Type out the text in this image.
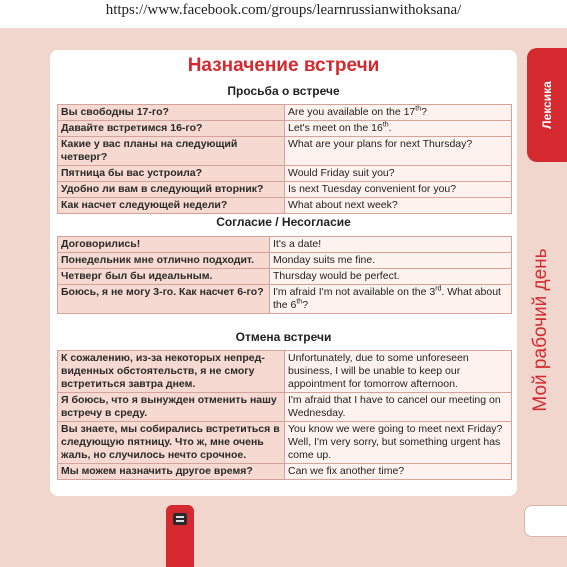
https://www.facebook.com/groups/learnrussianwithoksana/
Назначение встречи
Просьба о встрече
Вы свободны 17-го?	Are you available on the 17th?
Давайте встретимся 16-го?	Let's meet on the 16th.
Какие у вас планы на следующий четверг?	What are your plans for next Thursday?
Пятница бы вас устроила?	Would Friday suit you?
Удобно ли вам в следующий вторник?	Is next Tuesday convenient for you?
Как насчет следующей недели?	What about next week?
Согласие / Несогласие
Договорились!	It's a date!
Понедельник мне отлично подходит.	Monday suits me fine.
Четверг был бы идеальным.	Thursday would be perfect.
Боюсь, я не могу 3-го. Как насчет 6-го?	I'm afraid I'm not available on the 3rd. What about the 6th?
Отмена встречи
К сожалению, из-за некоторых непред-виденных обстоятельств, я не смогу встретиться завтра днем.	Unfortunately, due to some unforeseen business, I will be unable to keep our appointment for tomorrow afternoon.
Я боюсь, что я вынужден отменить нашу встречу в среду.	I'm afraid that I have to cancel our meeting on Wednesday.
Вы знаете, мы собирались встретиться в следующую пятницу. Что ж, мне очень жаль, но случилось нечто срочное.	You know we were going to meet next Friday? Well, I'm very sorry, but something urgent has come up.
Мы можем назначить другое время?	Can we fix another time?
Лексика
Мой рабочий день
